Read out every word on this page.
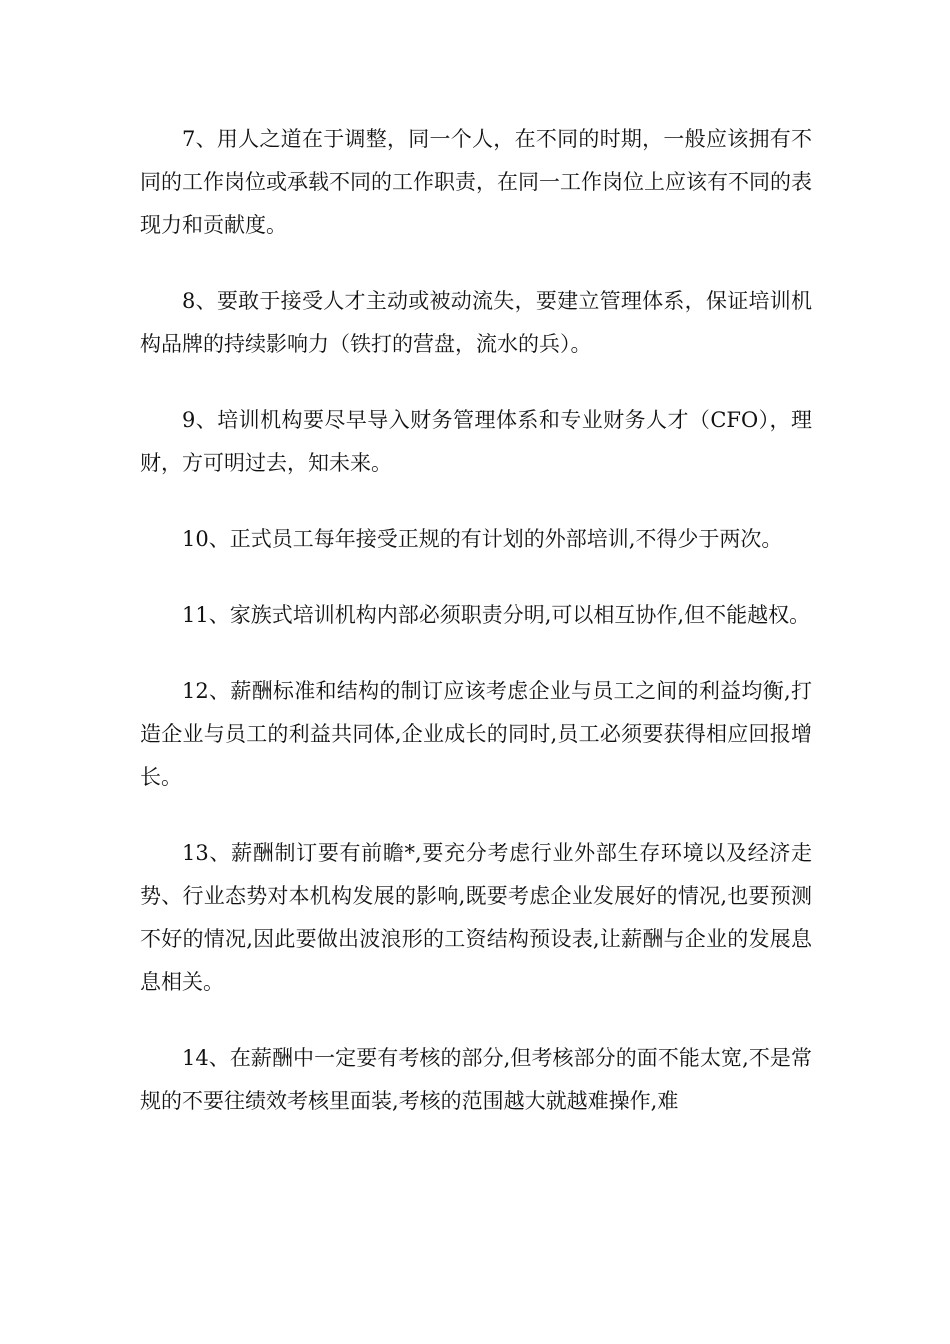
7、用人之道在于调整，同一个人，在不同的时期，一般应该拥有不同的工作岗位或承载不同的工作职责，在同一工作岗位上应该有不同的表现力和贡献度。

8、要敢于接受人才主动或被动流失，要建立管理体系，保证培训机构品牌的持续影响力（铁打的营盘，流水的兵）。

9、培训机构要尽早导入财务管理体系和专业财务人才（CFO），理财，方可明过去，知未来。

10、正式员工每年接受正规的有计划的外部培训,不得少于两次。

11、家族式培训机构内部必须职责分明,可以相互协作,但不能越权。

12、薪酬标准和结构的制订应该考虑企业与员工之间的利益均衡,打造企业与员工的利益共同体,企业成长的同时,员工必须要获得相应回报增长。

13、薪酬制订要有前瞻*,要充分考虑行业外部生存环境以及经济走势、行业态势对本机构发展的影响,既要考虑企业发展好的情况,也要预测不好的情况,因此要做出波浪形的工资结构预设表,让薪酬与企业的发展息息相关。

14、在薪酬中一定要有考核的部分,但考核部分的面不能太宽,不是常规的不要往绩效考核里面装,考核的范围越大就越难操作,难
